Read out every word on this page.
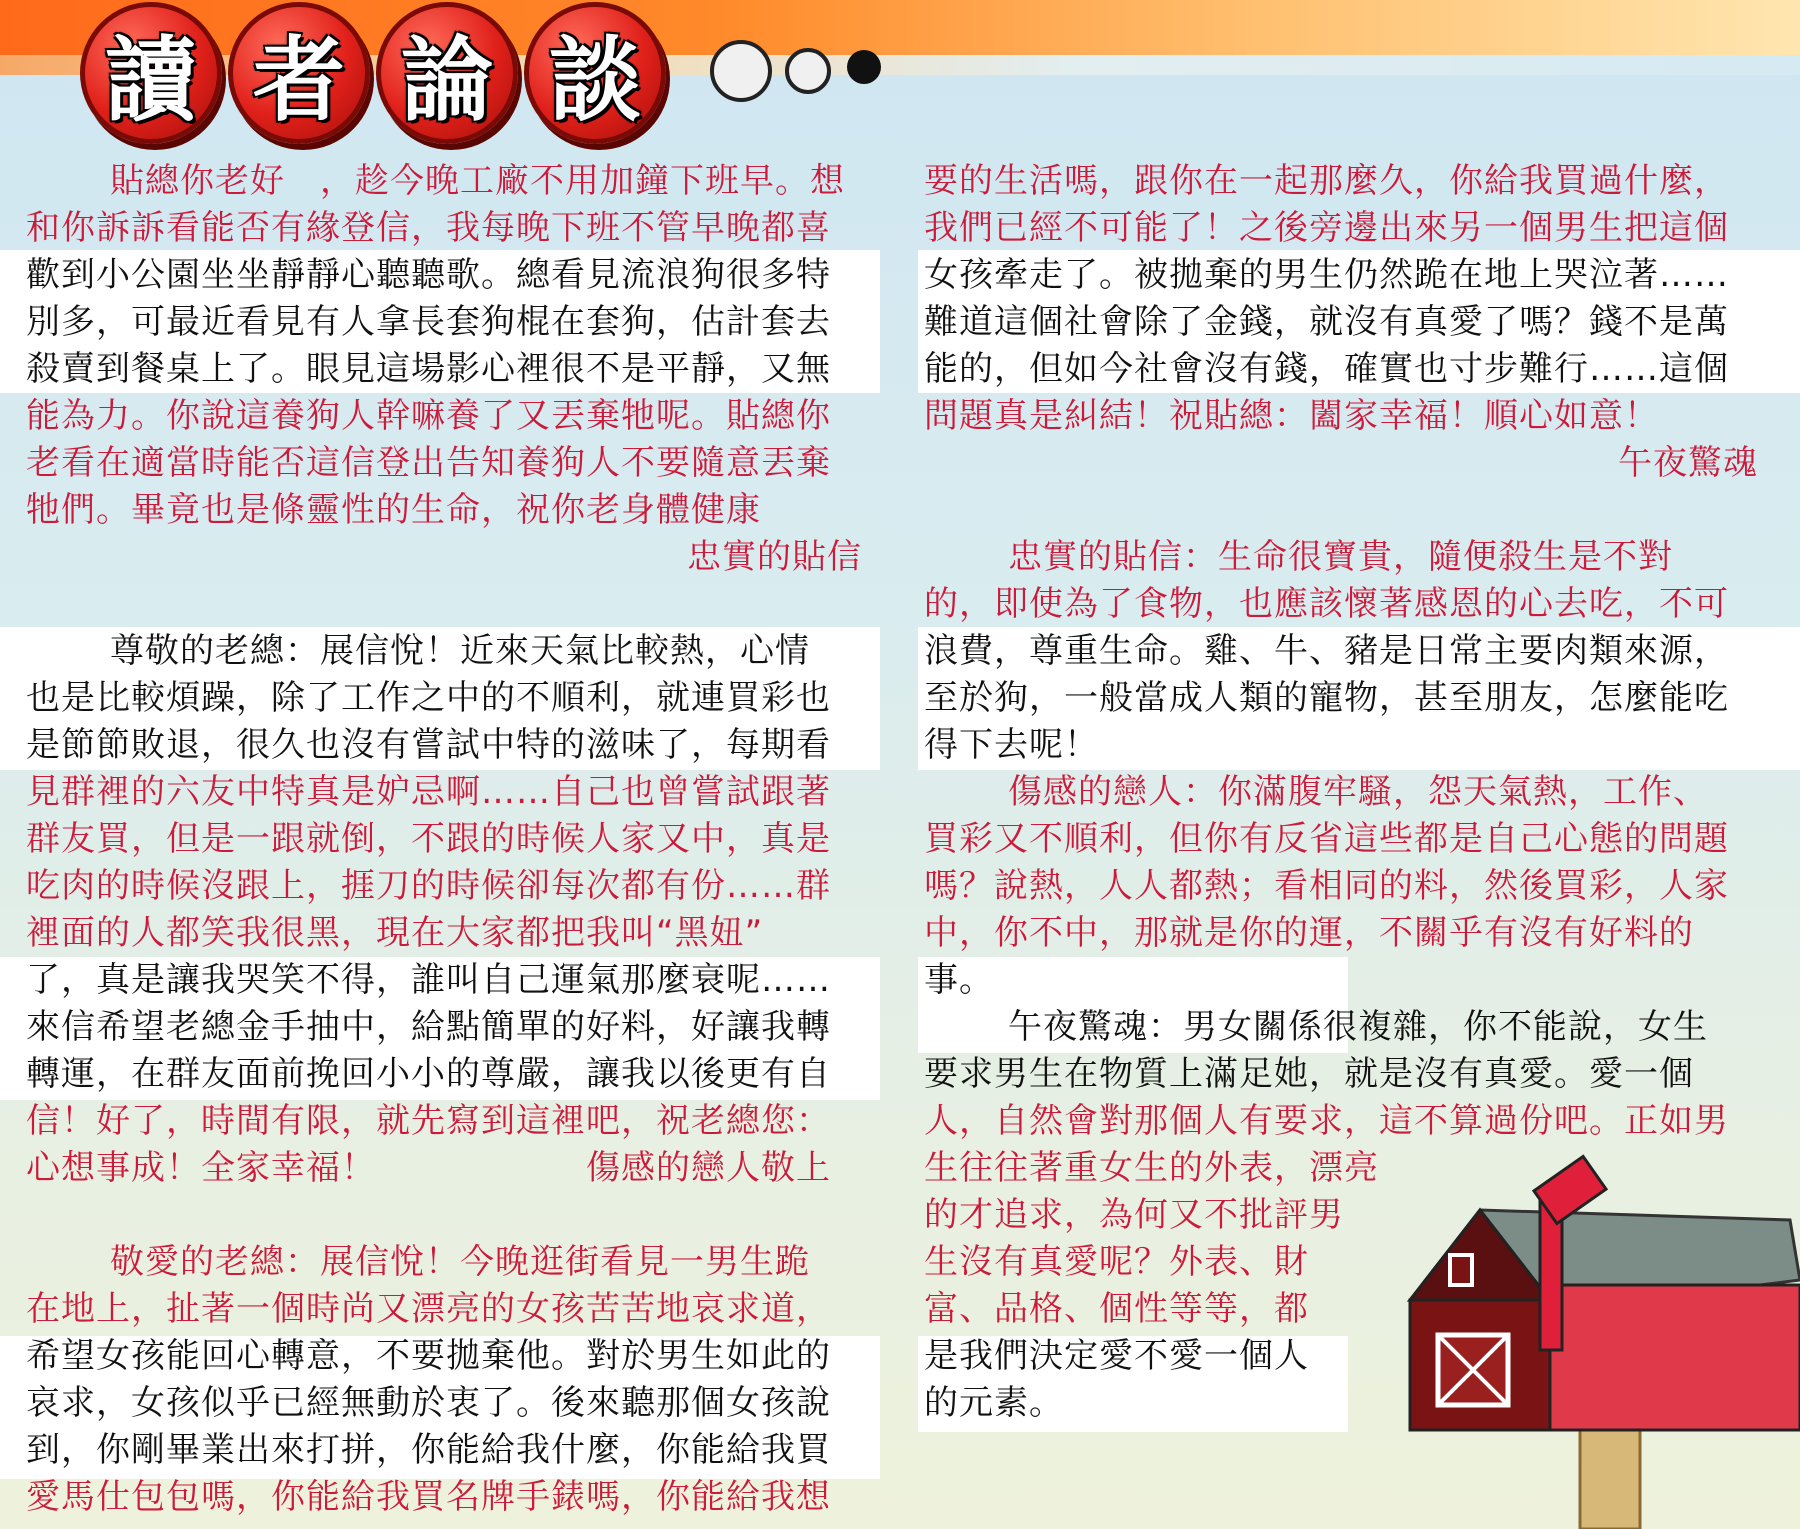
讀 者 論 談
貼總你老好　，趁今晚工廠不用加鐘下班早。想
和你訴訴看能否有緣登信，我每晚下班不管早晚都喜
歡到小公園坐坐靜靜心聽聽歌。總看見流浪狗很多特
別多，可最近看見有人拿長套狗棍在套狗，估計套去
殺賣到餐桌上了。眼見這場影心裡很不是平靜，又無
能為力。你說這養狗人幹嘛養了又丟棄牠呢。貼總你
老看在適當時能否這信登出告知養狗人不要隨意丟棄
牠們。畢竟也是條靈性的生命，祝你老身體健康
忠實的貼信
尊敬的老總：展信悅！近來天氣比較熱，心情
也是比較煩躁，除了工作之中的不順利，就連買彩也
是節節敗退，很久也沒有嘗試中特的滋味了，每期看
見群裡的六友中特真是妒忌啊……自己也曾嘗試跟著
群友買，但是一跟就倒，不跟的時候人家又中，真是
吃肉的時候沒跟上，捱刀的時候卻每次都有份……群
裡面的人都笑我很黑，現在大家都把我叫“黑妞”
了，真是讓我哭笑不得，誰叫自己運氣那麼衰呢……
來信希望老總金手抽中，給點簡單的好料，好讓我轉
轉運，在群友面前挽回小小的尊嚴，讓我以後更有自
信！好了，時間有限，就先寫到這裡吧，祝老總您：
心想事成！全家幸福！　　　　　　傷感的戀人敬上
敬愛的老總：展信悅！今晚逛街看見一男生跪
在地上，扯著一個時尚又漂亮的女孩苦苦地哀求道，
希望女孩能回心轉意，不要拋棄他。對於男生如此的
哀求，女孩似乎已經無動於衷了。後來聽那個女孩說
到，你剛畢業出來打拼，你能給我什麼，你能給我買
愛馬仕包包嗎，你能給我買名牌手錶嗎，你能給我想
要的生活嗎，跟你在一起那麼久，你給我買過什麼，
我們已經不可能了！之後旁邊出來另一個男生把這個
女孩牽走了。被拋棄的男生仍然跪在地上哭泣著……
難道這個社會除了金錢，就沒有真愛了嗎？錢不是萬
能的，但如今社會沒有錢，確實也寸步難行……這個
問題真是糾結！祝貼總：闔家幸福！順心如意！
午夜驚魂
忠實的貼信：生命很寶貴，隨便殺生是不對
的，即使為了食物，也應該懷著感恩的心去吃，不可
浪費，尊重生命。雞、牛、豬是日常主要肉類來源，
至於狗，一般當成人類的寵物，甚至朋友，怎麼能吃
得下去呢！
傷感的戀人：你滿腹牢騷，怨天氣熱，工作、
買彩又不順利，但你有反省這些都是自己心態的問題
嗎？說熱，人人都熱；看相同的料，然後買彩，人家
中，你不中，那就是你的運，不關乎有沒有好料的
事。
午夜驚魂：男女關係很複雜，你不能說，女生
要求男生在物質上滿足她，就是沒有真愛。愛一個
人，自然會對那個人有要求，這不算過份吧。正如男
生往往著重女生的外表，漂亮
的才追求，為何又不批評男
生沒有真愛呢？外表、財
富、品格、個性等等，都
是我們決定愛不愛一個人
的元素。
